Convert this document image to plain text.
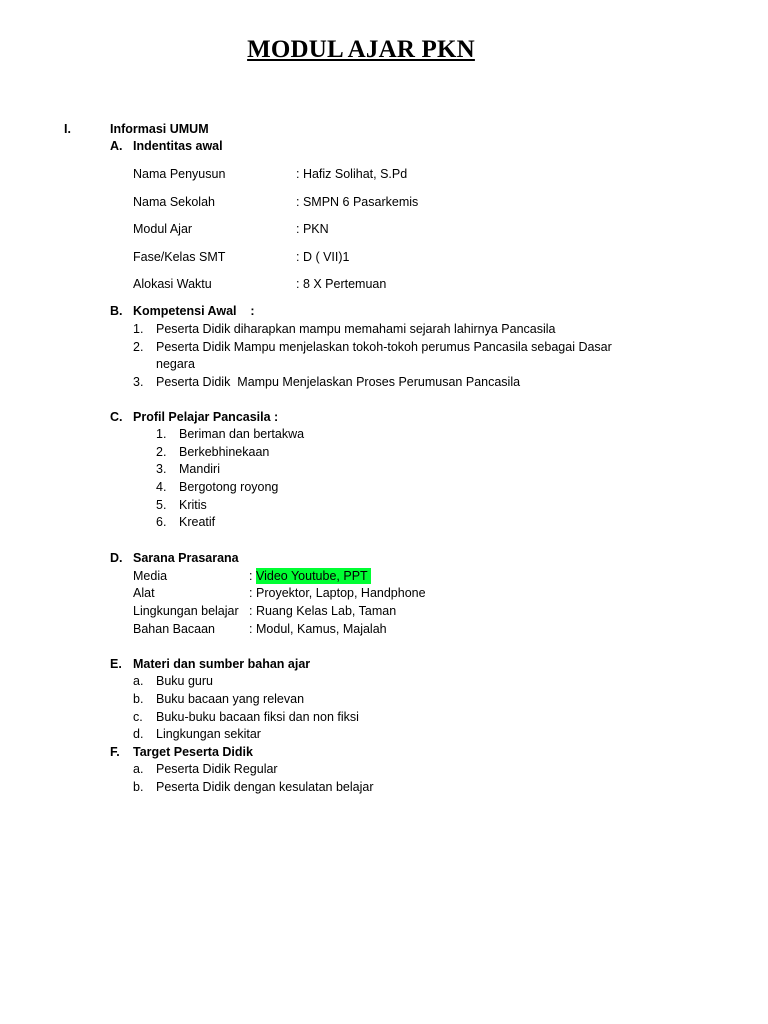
MODUL AJAR PKN
I.	Informasi UMUM
A. Indentitas awal
Nama Penyusun	: Hafiz Solihat, S.Pd
Nama Sekolah	: SMPN 6 Pasarkemis
Modul Ajar	: PKN
Fase/Kelas SMT	: D ( VII)1
Alokasi Waktu	: 8 X Pertemuan
B. Kompetensi Awal    :
1. Peserta Didik diharapkan mampu memahami sejarah lahirnya Pancasila
2. Peserta Didik Mampu menjelaskan tokoh-tokoh perumus Pancasila sebagai Dasar
negara
3. Peserta Didik  Mampu Menjelaskan Proses Perumusan Pancasila
C. Profil Pelajar Pancasila :
1. Beriman dan bertakwa
2. Berkebhinekaan
3. Mandiri
4. Bergotong royong
5. Kritis
6. Kreatif
D. Sarana Prasarana
Media	: Video Youtube, PPT
Alat	: Proyektor, Laptop, Handphone
Lingkungan belajar : Ruang Kelas Lab, Taman
Bahan Bacaan	: Modul, Kamus, Majalah
E. Materi dan sumber bahan ajar
a. Buku guru
b. Buku bacaan yang relevan
c. Buku-buku bacaan fiksi dan non fiksi
d. Lingkungan sekitar
F. Target Peserta Didik
a. Peserta Didik Regular
b. Peserta Didik dengan kesulatan belajar
